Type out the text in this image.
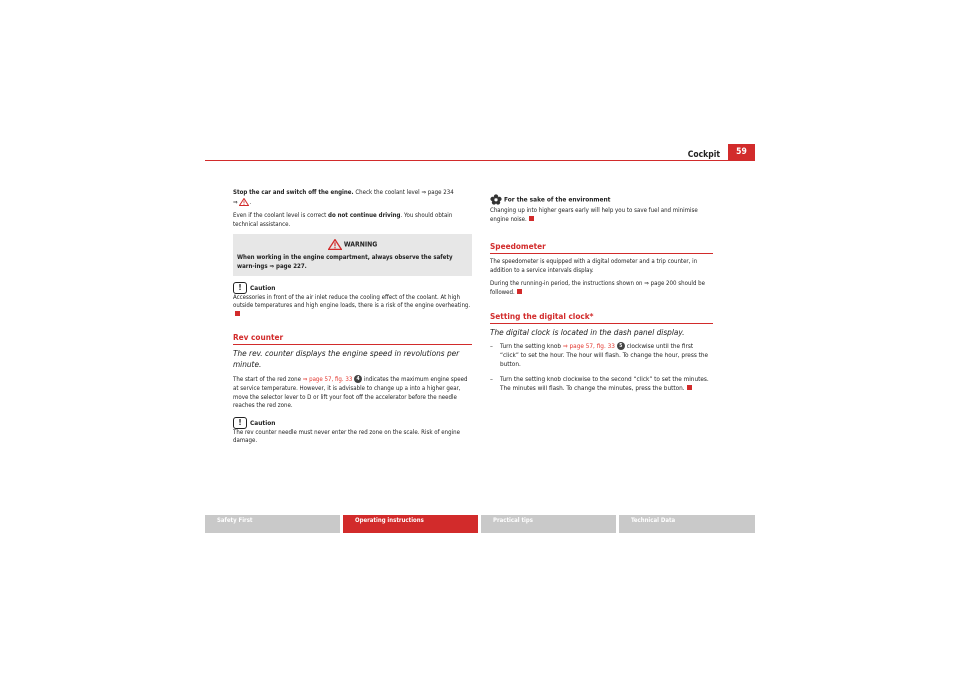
Cockpit	59

Stop the car and switch off the engine. Check the coolant level ⇒ page 234
⇒ .

Even if the coolant level is correct do not continue driving. You should obtain technical assistance.

WARNING
When working in the engine compartment, always observe the safety warn-ings ⇒ page 227.
! Caution

Accessories in front of the air inlet reduce the cooling effect of the coolant. At high outside temperatures and high engine loads, there is a risk of the engine overheating.

Rev counter

The rev. counter displays the engine speed in revolutions per minute.

The start of the red zone ⇒ page 57, fig. 33 4 indicates the maximum engine speed at service temperature. However, it is advisable to change up a into a higher gear, move the selector lever to D or lift your foot off the accelerator before the needle reaches the red zone.

! Caution

The rev counter needle must never enter the red zone on the scale. Risk of engine damage.

For the sake of the environment

Changing up into higher gears early will help you to save fuel and minimise engine noise.

Speedometer

The speedometer is equipped with a digital odometer and a trip counter, in addition to a service intervals display.

During the running-in period, the instructions shown on ⇒ page 200 should be followed.

Setting the digital clock*

The digital clock is located in the dash panel display.

– Turn the setting knob ⇒ page 57, fig. 33 5 clockwise until the first “click” to set the hour. The hour will flash. To change the hour, press the button.
– Turn the setting knob clockwise to the second “click” to set the minutes. The minutes will flash. To change the minutes, press the button.
Safety First	Operating instructions	Practical tips	Technical Data
